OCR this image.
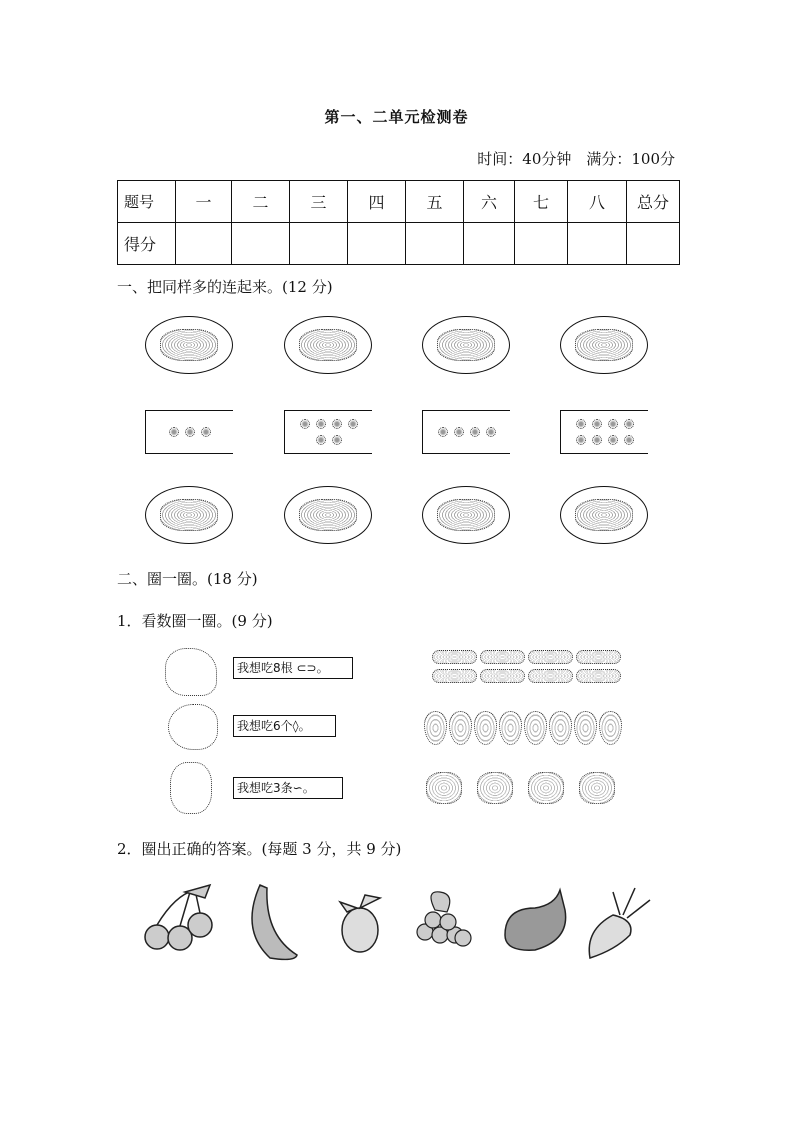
第一、二单元检测卷
时间：40分钟　满分：100分
题号	一	二	三	四	五	六	七	八	总分
得分									
一、把同样多的连起来。(12 分)
二、圈一圈。(18 分)
1．看数圈一圈。(9 分)
我想吃8根 ⊂⊃。
我想吃6个◊。
我想吃3条∽。
2．圈出正确的答案。(每题 3 分，共 9 分)
